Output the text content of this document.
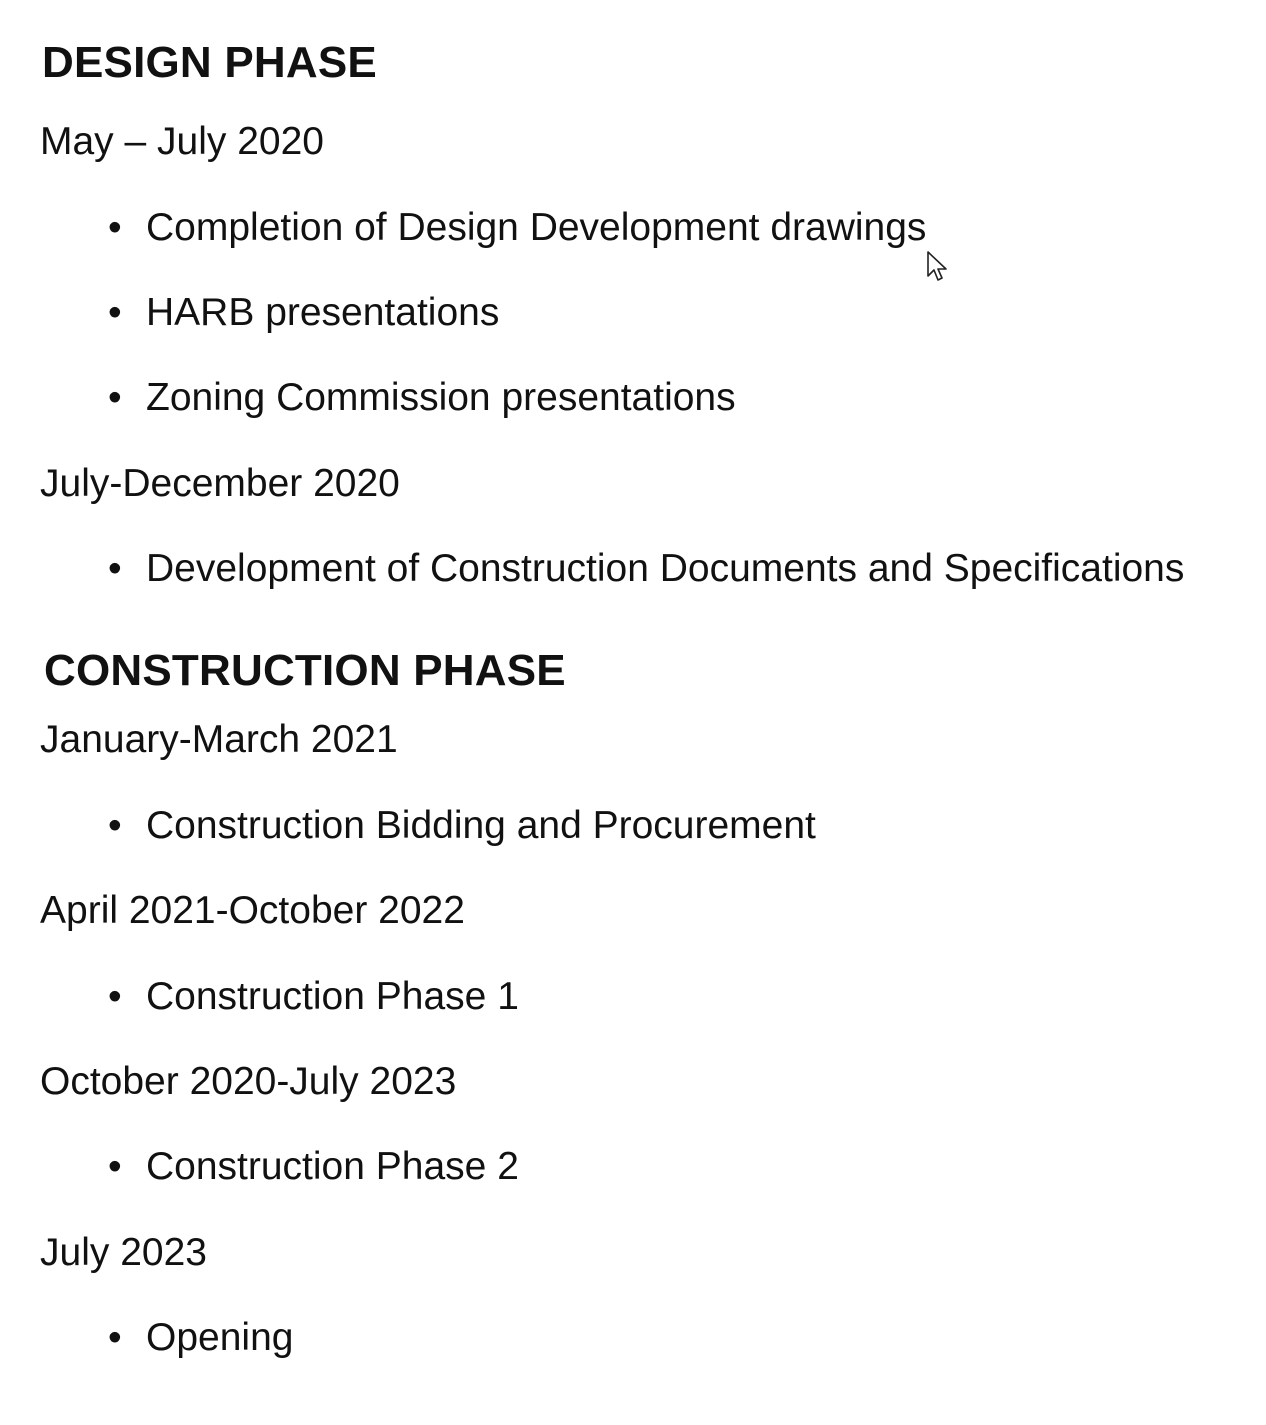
DESIGN PHASE
May – July 2020
• Completion of Design Development drawings
• HARB presentations
• Zoning Commission presentations
July-December 2020
• Development of Construction Documents and Specifications
CONSTRUCTION PHASE
January-March 2021
• Construction Bidding and Procurement
April 2021-October 2022
• Construction Phase 1
October 2020-July 2023
• Construction Phase 2
July 2023
• Opening
